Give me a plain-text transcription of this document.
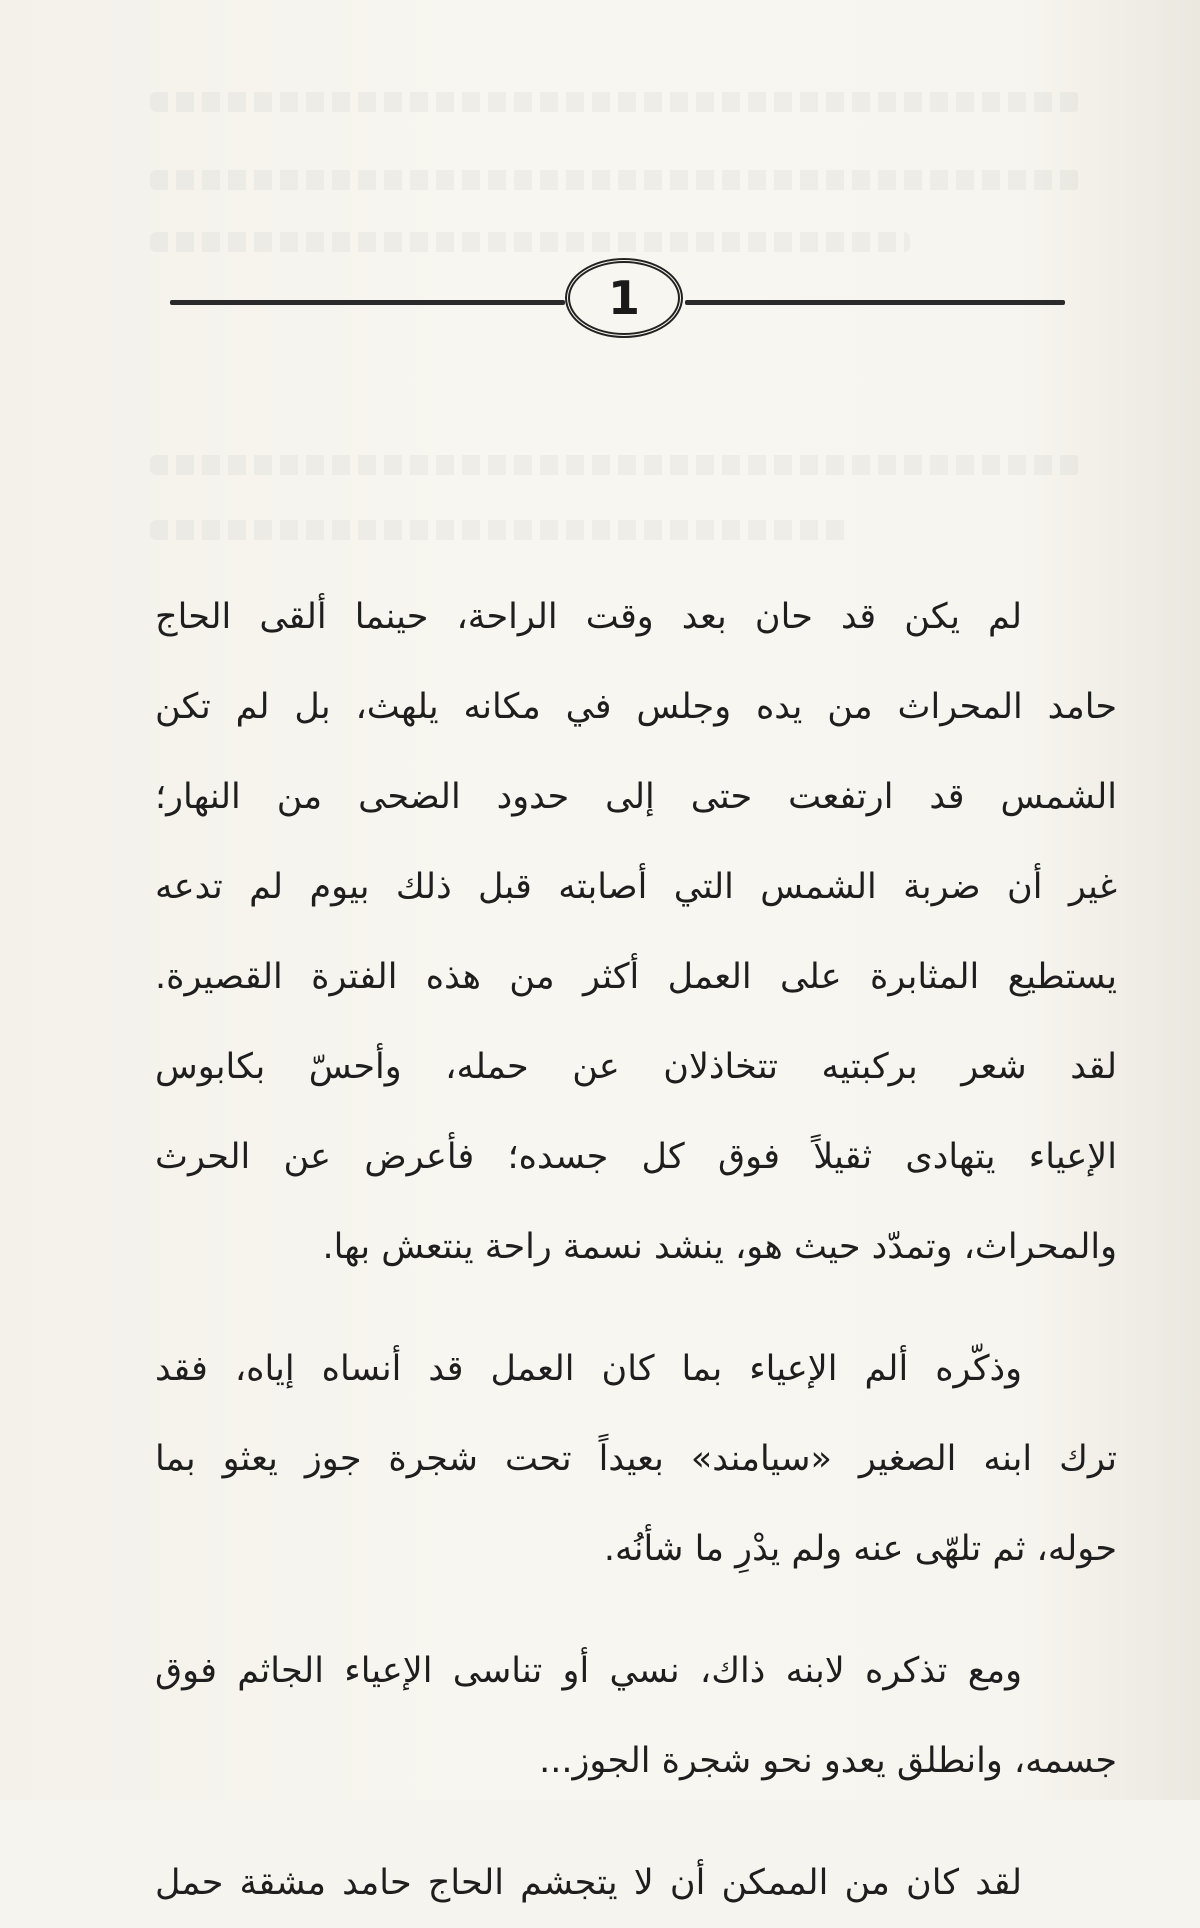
1

لم يكن قد حان بعد وقت الراحة، حينما ألقى الحاج
حامد المحراث من يده وجلس في مكانه يلهث، بل لم تكن
الشمس قد ارتفعت حتى إلى حدود الضحى من النهار؛
غير أن ضربة الشمس التي أصابته قبل ذلك بيوم لم تدعه
يستطيع المثابرة على العمل أكثر من هذه الفترة القصيرة.
لقد شعر بركبتيه تتخاذلان عن حمله، وأحسّ بكابوس
الإعياء يتهادى ثقيلاً فوق كل جسده؛ فأعرض عن الحرث
والمحراث، وتمدّد حيث هو، ينشد نسمة راحة ينتعش بها.

وذكّره ألم الإعياء بما كان العمل قد أنساه إياه، فقد
ترك ابنه الصغير «سيامند» بعيداً تحت شجرة جوز يعثو بما
حوله، ثم تلهّى عنه ولم يدْرِ ما شأنُه.

ومع تذكره لابنه ذاك، نسي أو تناسى الإعياء الجاثم فوق
جسمه، وانطلق يعدو نحو شجرة الجوز...

لقد كان من الممكن أن لا يتجشم الحاج حامد مشقة حمل
